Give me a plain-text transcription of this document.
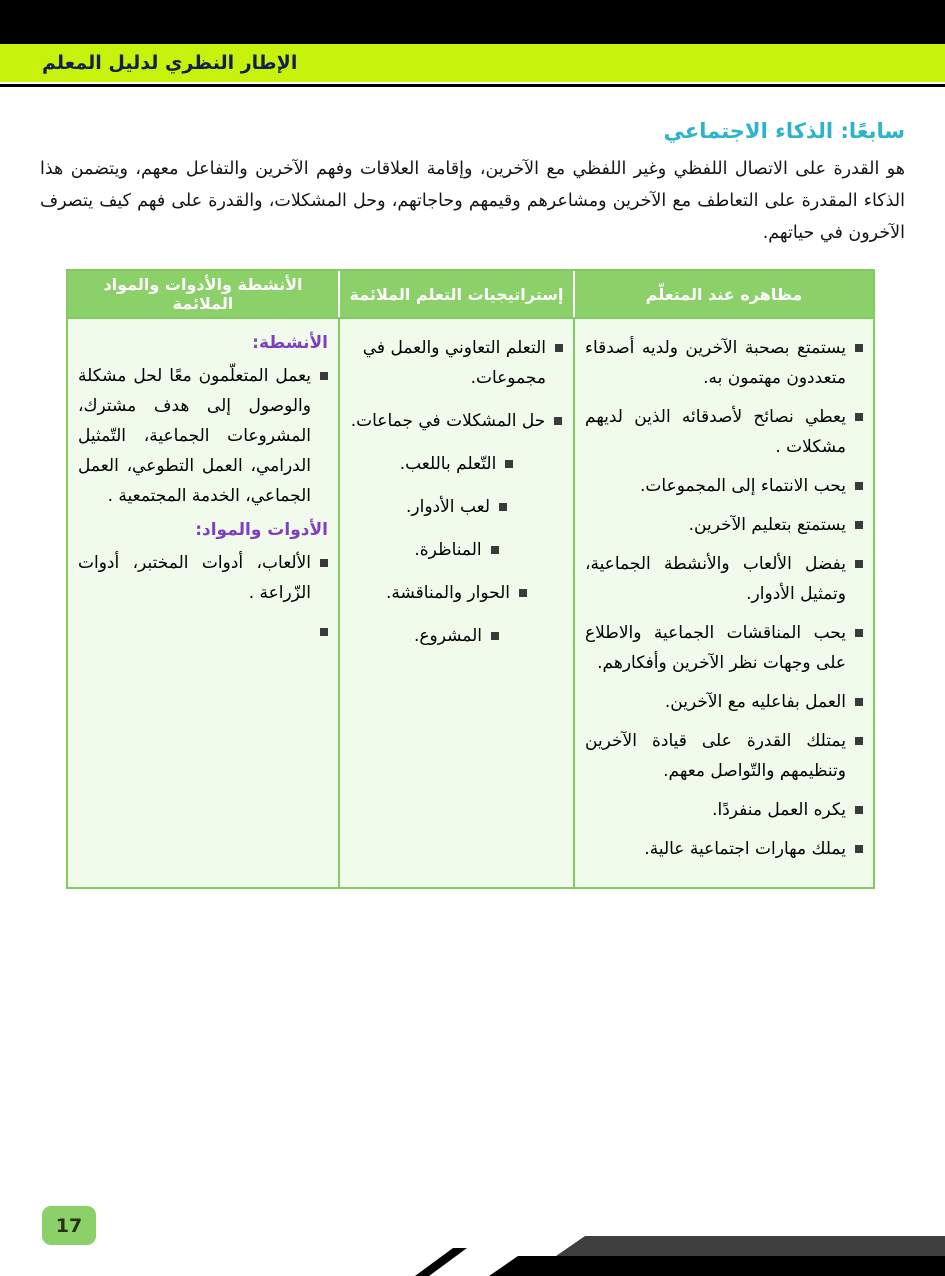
الإطار النظري لدليل المعلم
سابعًا: الذكاء الاجتماعي

هو القدرة على الاتصال اللفظي وغير اللفظي مع الآخرين، وإقامة العلاقات وفهم الآخرين والتفاعل معهم، ويتضمن هذا الذكاء المقدرة على التعاطف مع الآخرين ومشاعرهم وقيمهم وحاجاتهم، وحل المشكلات، والقدرة على فهم كيف يتصرف الآخرون في حياتهم.

مظاهره عند المتعلّم	إستراتيجيات التعلم الملائمة	الأنشطة والأدوات والمواد الملائمة

يستمتع بصحبة الآخرين ولديه أصدقاء متعددون مهتمون به.
يعطي نصائح لأصدقائه الذين لديهم مشكلات .
يحب الانتماء إلى المجموعات.
يستمتع بتعليم الآخرين.
يفضل الألعاب والأنشطة الجماعية، وتمثيل الأدوار.
يحب المناقشات الجماعية والاطلاع على وجهات نظر الآخرين وأفكارهم.
العمل بفاعليه مع الآخرين.
يمتلك القدرة على قيادة الآخرين وتنظيمهم والتّواصل معهم.
يكره العمل منفردًا.
يملك مهارات اجتماعية عالية.

التعلم التعاوني والعمل في مجموعات.
حل المشكلات في جماعات.
التّعلم باللعب.
لعب الأدوار.
المناظرة.
الحوار والمناقشة.
المشروع.

الأنشطة:
يعمل المتعلّمون معًا لحل مشكلة والوصول إلى هدف مشترك، المشروعات الجماعية، التّمثيل الدرامي، العمل التطوعي، العمل الجماعي، الخدمة المجتمعية .
الأدوات والمواد:
الألعاب، أدوات المختبر، أدوات الزّراعة .
17
